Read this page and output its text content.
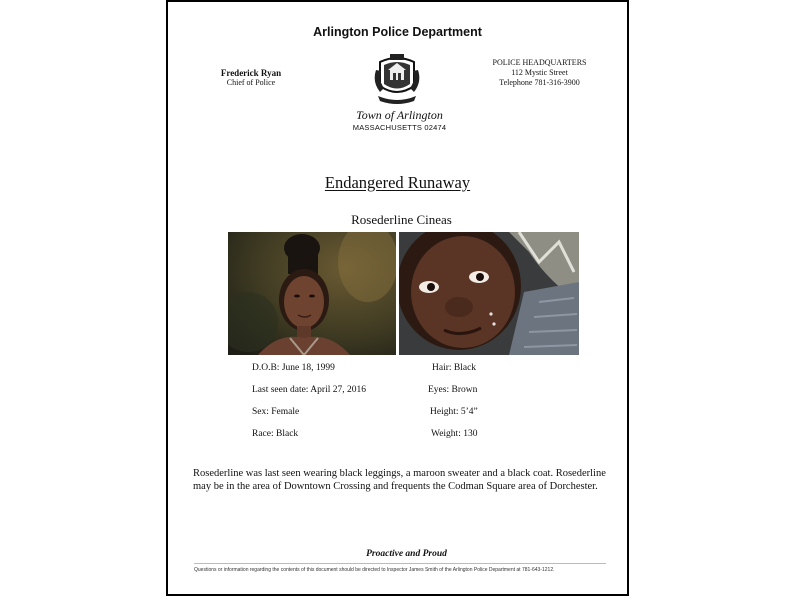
Arlington Police Department
Frederick Ryan
Chief of Police
Town of Arlington
MASSACHUSETTS 02474
POLICE HEADQUARTERS
112 Mystic Street
Telephone 781-316-3900
Endangered Runaway
Rosederline Cineas
D.O.B: June 18, 1999
Last seen date: April 27, 2016
Sex: Female
Race: Black
Hair: Black
Eyes: Brown
Height: 5’4”
Weight: 130
Rosederline was last seen wearing black leggings, a maroon sweater and a black coat. Rosederline may be in the area of Downtown Crossing and frequents the Codman Square area of Dorchester.
Proactive and Proud
Questions or information regarding the contents of this document should be directed to Inspector James Smith of the Arlington Police Department at 781-643-1212.
